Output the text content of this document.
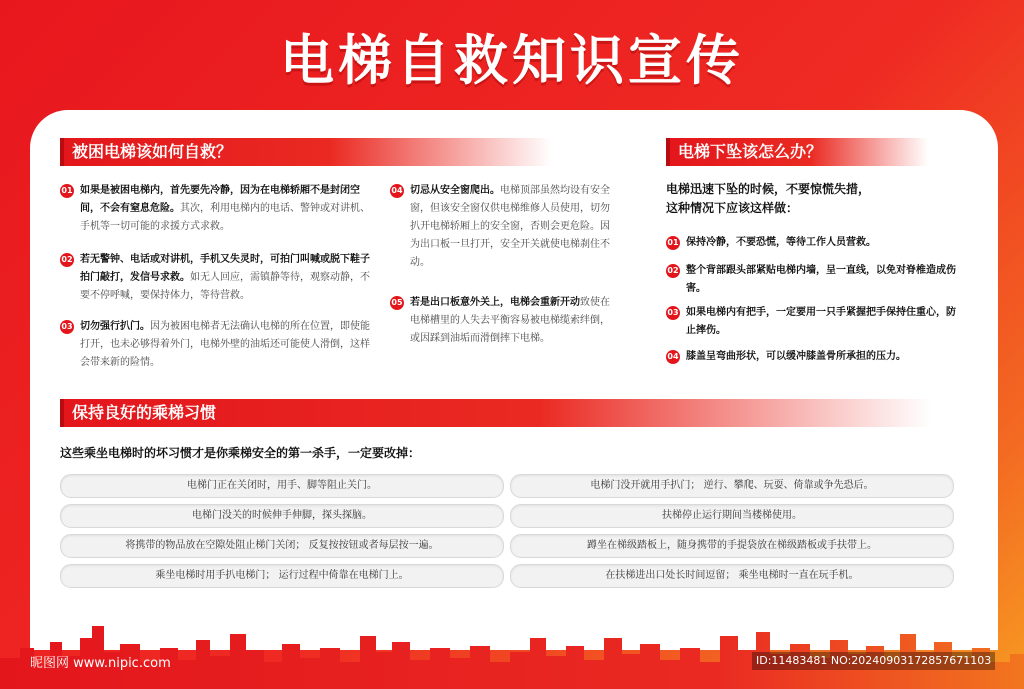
电梯自救知识宣传
被困电梯该如何自救？
01 如果是被困电梯内，首先要先冷静，因为在电梯轿厢不是封闭空间，不会有窒息危险。其次，利用电梯内的电话、警钟或对讲机、手机等一切可能的求援方式求救。
02 若无警钟、电话或对讲机，手机又失灵时，可拍门叫喊或脱下鞋子拍门敲打，发信号求救。如无人回应，需镇静等待，观察动静，不要不停呼喊，要保持体力，等待营救。
03 切勿强行扒门。因为被困电梯者无法确认电梯的所在位置，即使能打开，也未必够得着外门，电梯外壁的油垢还可能使人滑倒，这样会带来新的险情。
04 切忌从安全窗爬出。电梯顶部虽然均设有安全窗，但该安全窗仅供电梯维修人员使用，切勿扒开电梯轿厢上的安全窗，否则会更危险。因为出口板一旦打开，安全开关就使电梯刹住不动。
05 若是出口板意外关上，电梯会重新开动致使在电梯槽里的人失去平衡容易被电梯缆索绊倒，或因踩到油垢而滑倒摔下电梯。
电梯下坠该怎么办？
电梯迅速下坠的时候，不要惊慌失措，
这种情况下应该这样做：
01 保持冷静，不要恐慌，等待工作人员营救。
02 整个背部跟头部紧贴电梯内墙，呈一直线，以免对脊椎造成伤害。
03 如果电梯内有把手，一定要用一只手紧握把手保持住重心，防止摔伤。
04 膝盖呈弯曲形状，可以缓冲膝盖骨所承担的压力。
保持良好的乘梯习惯
这些乘坐电梯时的坏习惯才是你乘梯安全的第一杀手，一定要改掉：
电梯门正在关闭时，用手、脚等阻止关门。
电梯门没关的时候伸手伸脚，探头探脑。
将携带的物品放在空隙处阻止梯门关闭； 反复按按钮或者每层按一遍。
乘坐电梯时用手扒电梯门； 运行过程中倚靠在电梯门上。
电梯门没开就用手扒门； 逆行、攀爬、玩耍、倚靠或争先恐后。
扶梯停止运行期间当楼梯使用。
蹲坐在梯级踏板上，随身携带的手提袋放在梯级踏板或手扶带上。
在扶梯进出口处长时间逗留； 乘坐电梯时一直在玩手机。
昵图网 www.nipic.com	ID:11483481 NO:20240903172857671103
